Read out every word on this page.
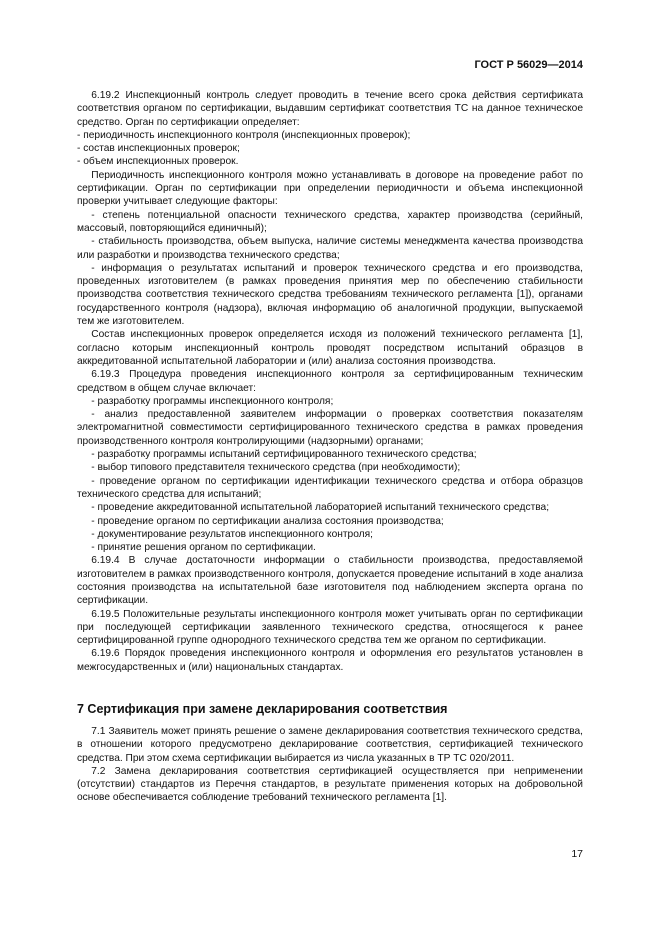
ГОСТ Р 56029—2014

6.19.2 Инспекционный контроль следует проводить в течение всего срока действия сертификата соответствия органом по сертификации, выдавшим сертификат соответствия ТС на данное техническое средство. Орган по сертификации определяет:

- периодичность инспекционного контроля (инспекционных проверок);

- состав инспекционных проверок;

- объем инспекционных проверок.

Периодичность инспекционного контроля можно устанавливать в договоре на проведение работ по сертификации. Орган по сертификации при определении периодичности и объема инспекционной проверки учитывает следующие факторы:

- степень потенциальной опасности технического средства, характер производства (серийный, массовый, повторяющийся единичный);

- стабильность производства, объем выпуска, наличие системы менеджмента качества производства или разработки и производства технического средства;

- информация о результатах испытаний и проверок технического средства и его производства, проведенных изготовителем (в рамках проведения принятия мер по обеспечению стабильности производства соответствия технического средства требованиям технического регламента [1]), органами государственного контроля (надзора), включая информацию об аналогичной продукции, выпускаемой тем же изготовителем.

Состав инспекционных проверок определяется исходя из положений технического регламента [1], согласно которым инспекционный контроль проводят посредством испытаний образцов в аккредитованной испытательной лаборатории и (или) анализа состояния производства.

6.19.3 Процедура проведения инспекционного контроля за сертифицированным техническим средством в общем случае включает:

- разработку программы инспекционного контроля;

- анализ предоставленной заявителем информации о проверках соответствия показателям электромагнитной совместимости сертифицированного технического средства в рамках проведения производственного контроля контролирующими (надзорными) органами;

- разработку программы испытаний сертифицированного технического средства;

- выбор типового представителя технического средства (при необходимости);

- проведение органом по сертификации идентификации технического средства и отбора образцов технического средства для испытаний;

- проведение аккредитованной испытательной лабораторией испытаний технического средства;

- проведение органом по сертификации анализа состояния производства;

- документирование результатов инспекционного контроля;

- принятие решения органом по сертификации.

6.19.4 В случае достаточности информации о стабильности производства, предоставляемой изготовителем в рамках производственного контроля, допускается проведение испытаний в ходе анализа состояния производства на испытательной базе изготовителя под наблюдением эксперта органа по сертификации.

6.19.5 Положительные результаты инспекционного контроля может учитывать орган по сертификации при последующей сертификации заявленного технического средства, относящегося к ранее сертифицированной группе однородного технического средства тем же органом по сертификации.

6.19.6 Порядок проведения инспекционного контроля и оформления его результатов установлен в межгосударственных и (или) национальных стандартах.

7 Сертификация при замене декларирования соответствия

7.1 Заявитель может принять решение о замене декларирования соответствия технического средства, в отношении которого предусмотрено декларирование соответствия, сертификацией технического средства. При этом схема сертификации выбирается из числа указанных в ТР ТС 020/2011.

7.2 Замена декларирования соответствия сертификацией осуществляется при неприменении (отсутствии) стандартов из Перечня стандартов, в результате применения которых на добровольной основе обеспечивается соблюдение требований технического регламента [1].

17
